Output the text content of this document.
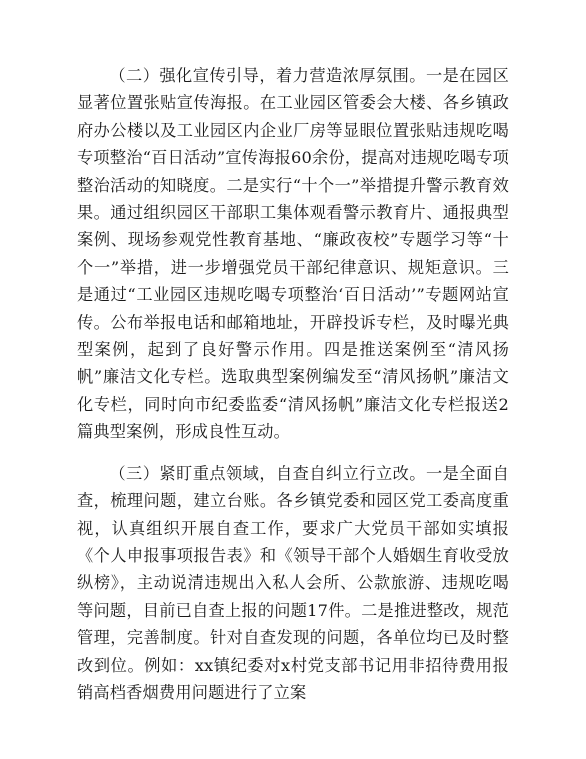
（二）强化宣传引导，着力营造浓厚氛围。一是在园区显著位置张贴宣传海报。在工业园区管委会大楼、各乡镇政府办公楼以及工业园区内企业厂房等显眼位置张贴违规吃喝专项整治“百日活动”宣传海报60余份，提高对违规吃喝专项整治活动的知晓度。二是实行“十个一”举措提升警示教育效果。通过组织园区干部职工集体观看警示教育片、通报典型案例、现场参观党性教育基地、“廉政夜校”专题学习等“十个一”举措，进一步增强党员干部纪律意识、规矩意识。三是通过“工业园区违规吃喝专项整治‘百日活动’”专题网站宣传。公布举报电话和邮箱地址，开辟投诉专栏，及时曝光典型案例，起到了良好警示作用。四是推送案例至“清风扬帆”廉洁文化专栏。选取典型案例编发至“清风扬帆”廉洁文化专栏，同时向市纪委监委“清风扬帆”廉洁文化专栏报送2篇典型案例，形成良性互动。

（三）紧盯重点领域，自查自纠立行立改。一是全面自查，梳理问题，建立台账。各乡镇党委和园区党工委高度重视，认真组织开展自查工作，要求广大党员干部如实填报《个人申报事项报告表》和《领导干部个人婚姻生育收受放纵榜》，主动说清违规出入私人会所、公款旅游、违规吃喝等问题，目前已自查上报的问题17件。二是推进整改，规范管理，完善制度。针对自查发现的问题，各单位均已及时整改到位。例如：xx镇纪委对x村党支部书记用非招待费用报销高档香烟费用问题进行了立案
